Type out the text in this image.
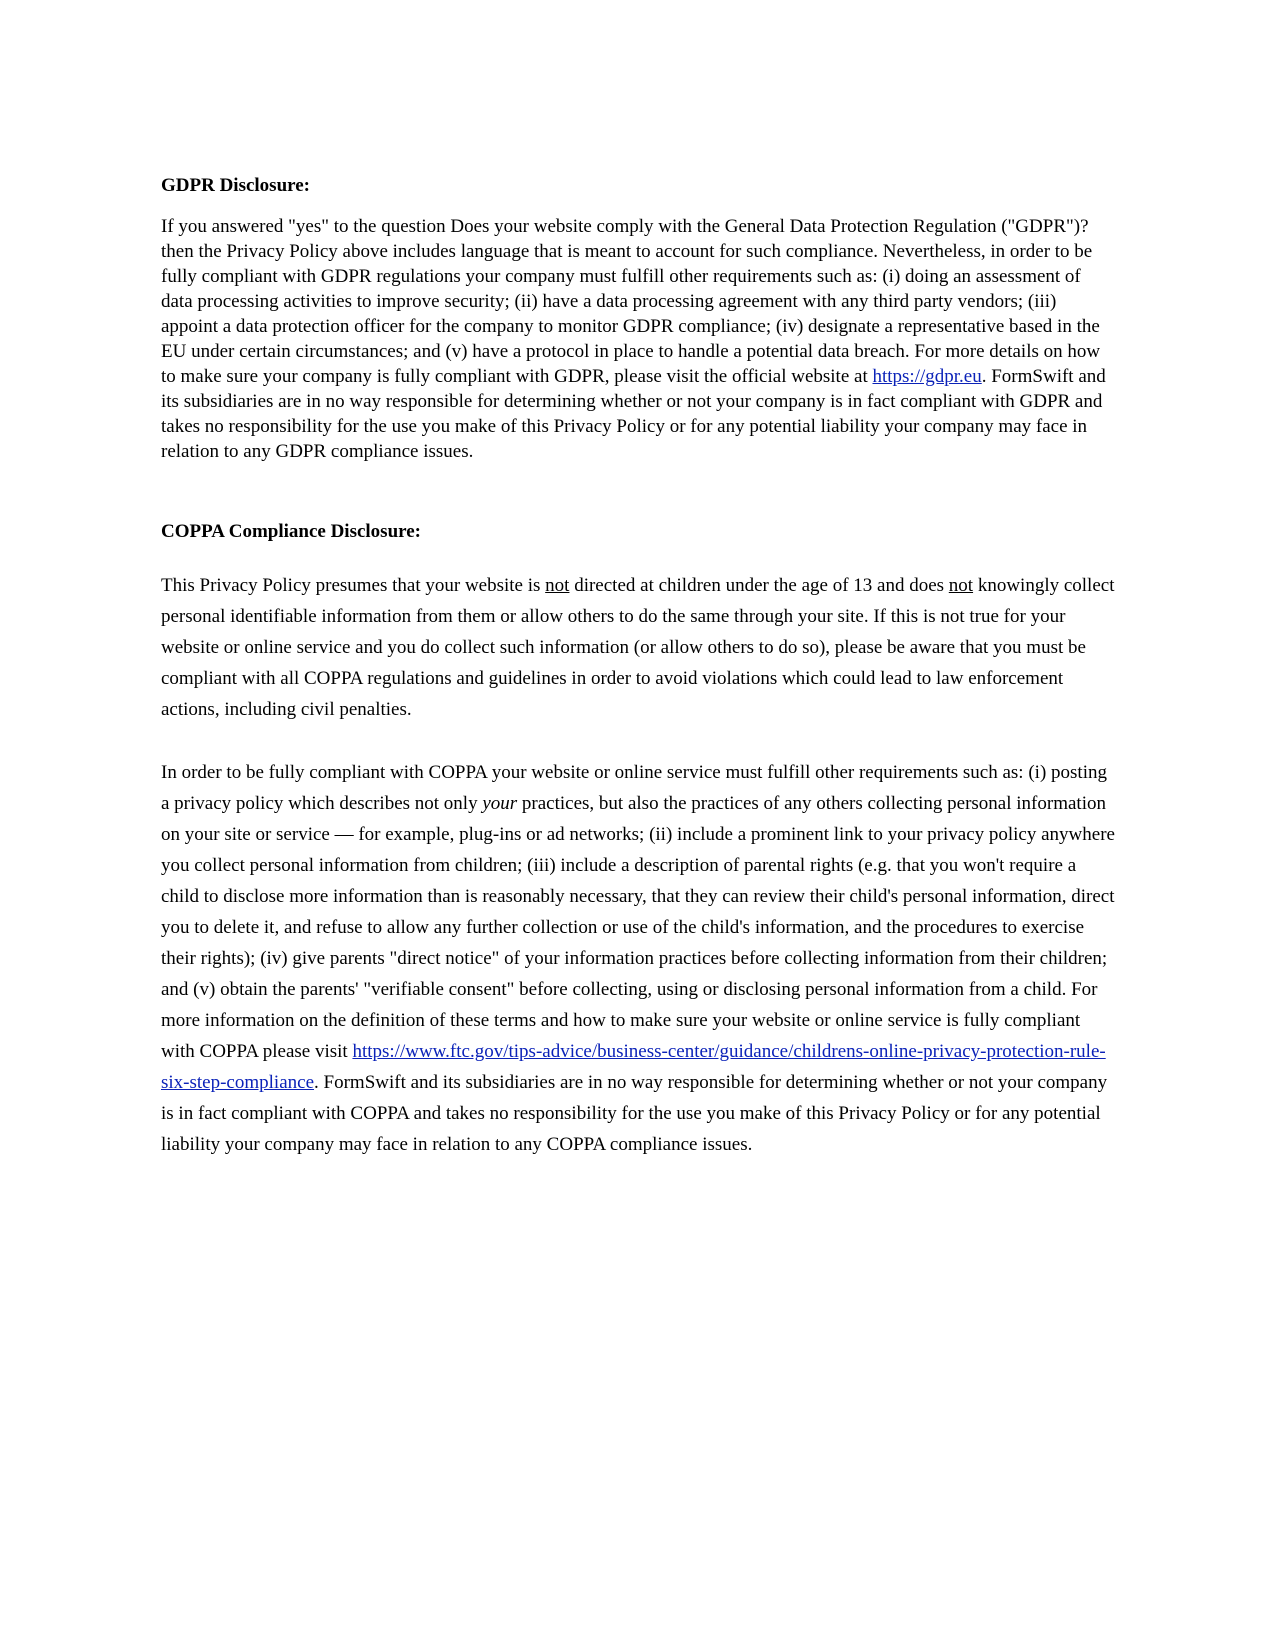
GDPR Disclosure:

If you answered "yes" to the question Does your website comply with the General Data Protection Regulation ("GDPR")? then the Privacy Policy above includes language that is meant to account for such compliance. Nevertheless, in order to be fully compliant with GDPR regulations your company must fulfill other requirements such as: (i) doing an assessment of data processing activities to improve security; (ii) have a data processing agreement with any third party vendors; (iii) appoint a data protection officer for the company to monitor GDPR compliance; (iv) designate a representative based in the EU under certain circumstances; and (v) have a protocol in place to handle a potential data breach. For more details on how to make sure your company is fully compliant with GDPR, please visit the official website at https://gdpr.eu. FormSwift and its subsidiaries are in no way responsible for determining whether or not your company is in fact compliant with GDPR and takes no responsibility for the use you make of this Privacy Policy or for any potential liability your company may face in relation to any GDPR compliance issues.

COPPA Compliance Disclosure:

This Privacy Policy presumes that your website is not directed at children under the age of 13 and does not knowingly collect personal identifiable information from them or allow others to do the same through your site. If this is not true for your website or online service and you do collect such information (or allow others to do so), please be aware that you must be compliant with all COPPA regulations and guidelines in order to avoid violations which could lead to law enforcement actions, including civil penalties.

In order to be fully compliant with COPPA your website or online service must fulfill other requirements such as: (i) posting a privacy policy which describes not only your practices, but also the practices of any others collecting personal information on your site or service — for example, plug-ins or ad networks; (ii) include a prominent link to your privacy policy anywhere you collect personal information from children; (iii) include a description of parental rights (e.g. that you won't require a child to disclose more information than is reasonably necessary, that they can review their child's personal information, direct you to delete it, and refuse to allow any further collection or use of the child's information, and the procedures to exercise their rights); (iv) give parents "direct notice" of your information practices before collecting information from their children; and (v) obtain the parents' "verifiable consent" before collecting, using or disclosing personal information from a child. For more information on the definition of these terms and how to make sure your website or online service is fully compliant with COPPA please visit https://www.ftc.gov/tips-advice/business-center/guidance/childrens-online-privacy-protection-rule-six-step-compliance. FormSwift and its subsidiaries are in no way responsible for determining whether or not your company is in fact compliant with COPPA and takes no responsibility for the use you make of this Privacy Policy or for any potential liability your company may face in relation to any COPPA compliance issues.
